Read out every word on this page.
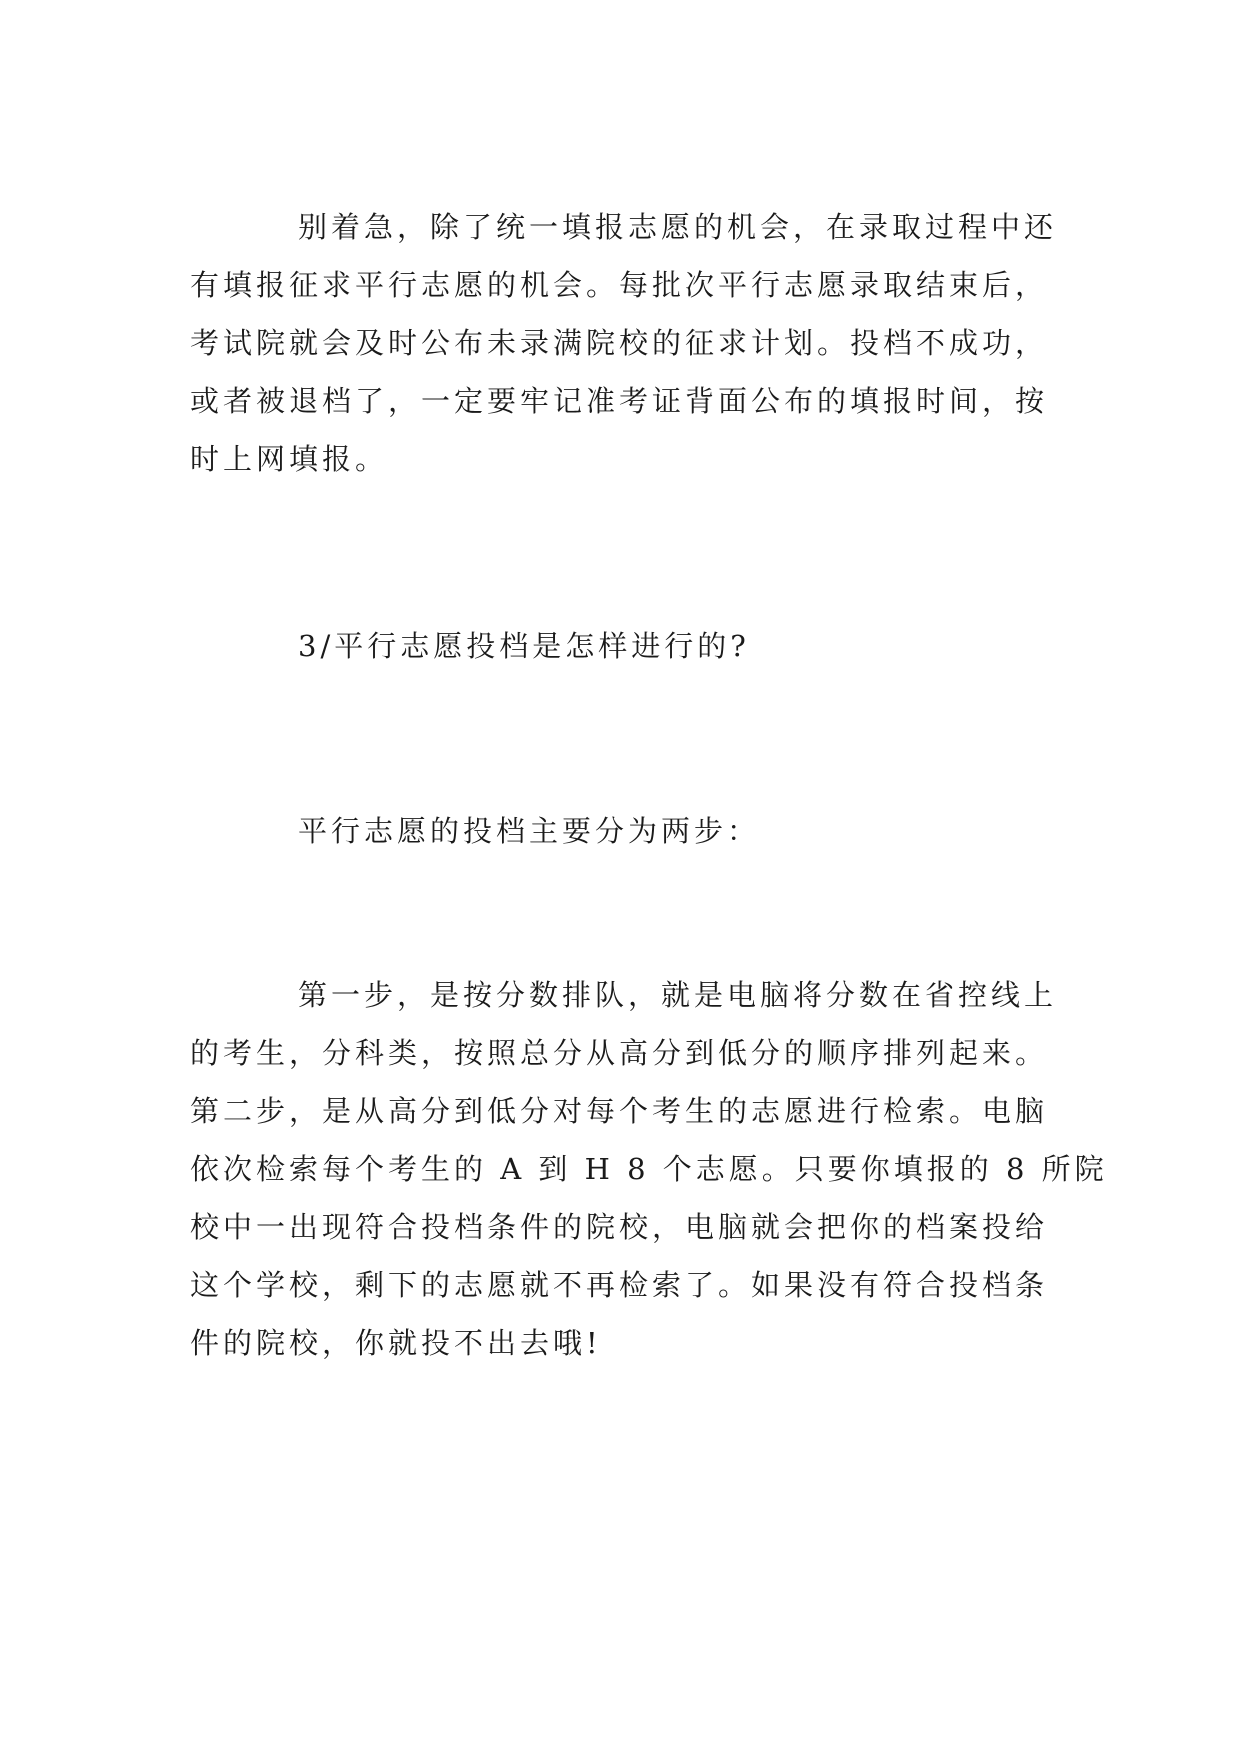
别着急，除了统一填报志愿的机会，在录取过程中还
有填报征求平行志愿的机会。每批次平行志愿录取结束后，
考试院就会及时公布未录满院校的征求计划。投档不成功，
或者被退档了，一定要牢记准考证背面公布的填报时间，按
时上网填报。
3/平行志愿投档是怎样进行的?
平行志愿的投档主要分为两步：
第一步，是按分数排队，就是电脑将分数在省控线上
的考生，分科类，按照总分从高分到低分的顺序排列起来。
第二步，是从高分到低分对每个考生的志愿进行检索。电脑
依次检索每个考生的 A 到 H 8 个志愿。只要你填报的 8 所院
校中一出现符合投档条件的院校，电脑就会把你的档案投给
这个学校，剩下的志愿就不再检索了。如果没有符合投档条
件的院校，你就投不出去哦!
